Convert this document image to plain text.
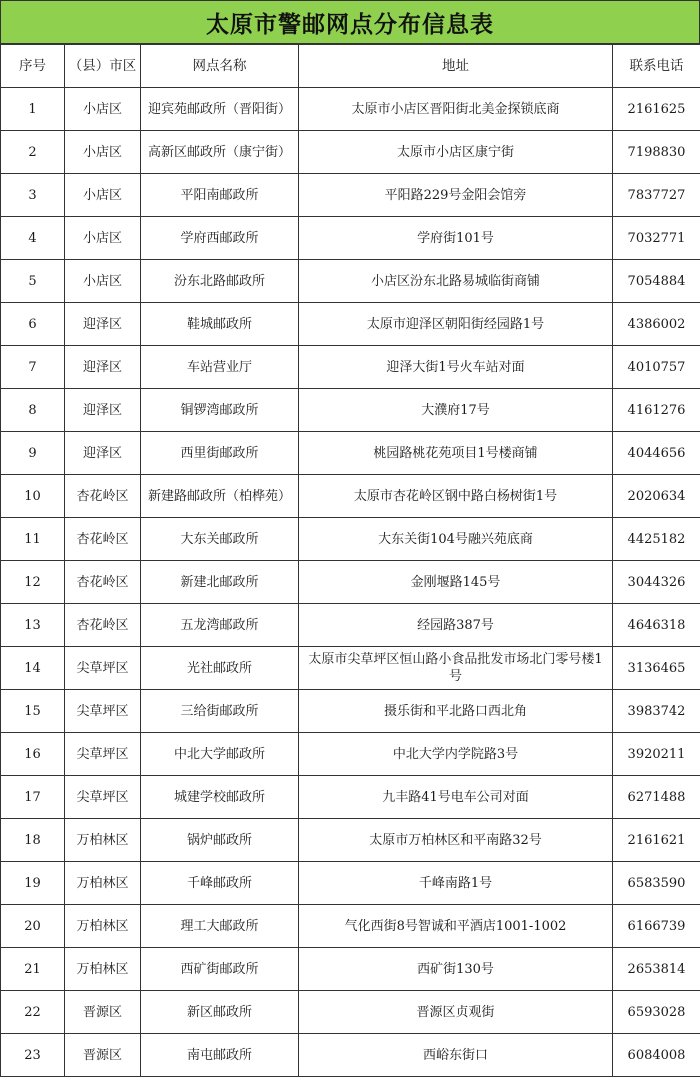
太原市警邮网点分布信息表
序号	（县）市区	网点名称	地址	联系电话
1	小店区	迎宾苑邮政所（晋阳街）	太原市小店区晋阳街北美金探锁底商	2161625
2	小店区	高新区邮政所（康宁街）	太原市小店区康宁街	7198830
3	小店区	平阳南邮政所	平阳路229号金阳会馆旁	7837727
4	小店区	学府西邮政所	学府街101号	7032771
5	小店区	汾东北路邮政所	小店区汾东北路易城临街商铺	7054884
6	迎泽区	鞋城邮政所	太原市迎泽区朝阳街经园路1号	4386002
7	迎泽区	车站营业厅	迎泽大街1号火车站对面	4010757
8	迎泽区	铜锣湾邮政所	大濮府17号	4161276
9	迎泽区	西里街邮政所	桃园路桃花苑项目1号楼商铺	4044656
10	杏花岭区	新建路邮政所（柏桦苑）	太原市杏花岭区钢中路白杨树街1号	2020634
11	杏花岭区	大东关邮政所	大东关街104号融兴苑底商	4425182
12	杏花岭区	新建北邮政所	金刚堰路145号	3044326
13	杏花岭区	五龙湾邮政所	经园路387号	4646318
14	尖草坪区	光社邮政所	太原市尖草坪区恒山路小食品批发市场北门零号楼1号	3136465
15	尖草坪区	三给街邮政所	摄乐街和平北路口西北角	3983742
16	尖草坪区	中北大学邮政所	中北大学内学院路3号	3920211
17	尖草坪区	城建学校邮政所	九丰路41号电车公司对面	6271488
18	万柏林区	锅炉邮政所	太原市万柏林区和平南路32号	2161621
19	万柏林区	千峰邮政所	千峰南路1号	6583590
20	万柏林区	理工大邮政所	气化西街8号智诚和平酒店1001-1002	6166739
21	万柏林区	西矿街邮政所	西矿街130号	2653814
22	晋源区	新区邮政所	晋源区贞观街	6593028
23	晋源区	南屯邮政所	西峪东街口	6084008
